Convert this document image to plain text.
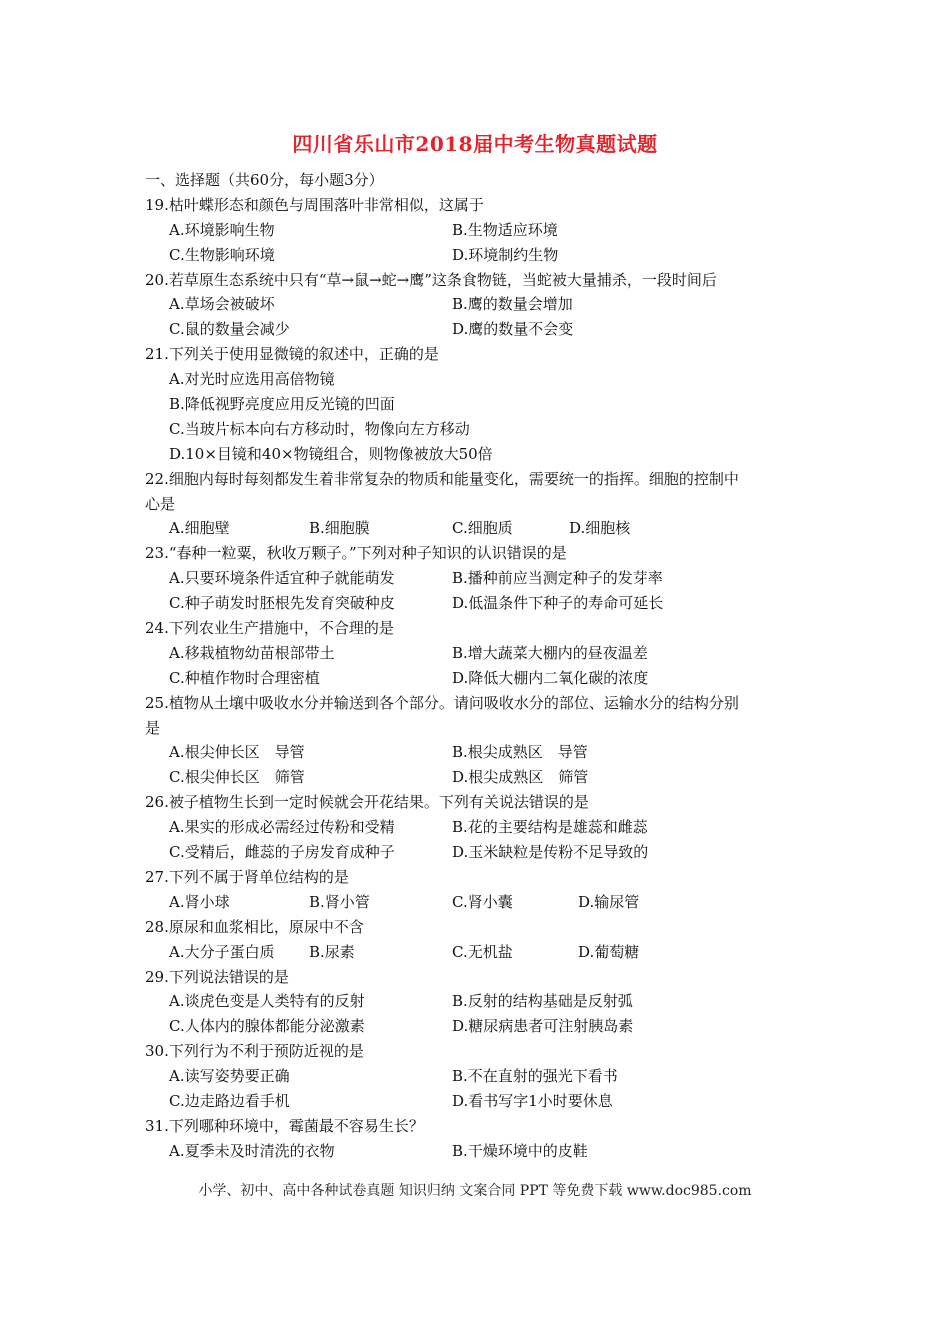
四川省乐山市2018届中考生物真题试题
一、选择题（共60分，每小题3分）
19.枯叶蝶形态和颜色与周围落叶非常相似，这属于
A.环境影响生物	B.生物适应环境
C.生物影响环境	D.环境制约生物
20.若草原生态系统中只有“草→鼠→蛇→鹰”这条食物链，当蛇被大量捕杀，一段时间后
A.草场会被破坏	B.鹰的数量会增加
C.鼠的数量会减少	D.鹰的数量不会变
21.下列关于使用显微镜的叙述中，正确的是
A.对光时应选用高倍物镜
B.降低视野亮度应用反光镜的凹面
C.当玻片标本向右方移动时，物像向左方移动
D.10×目镜和40×物镜组合，则物像被放大50倍
22.细胞内每时每刻都发生着非常复杂的物质和能量变化，需要统一的指挥。细胞的控制中
心是
A.细胞壁	B.细胞膜	C.细胞质	D.细胞核
23.“春种一粒粟，秋收万颗子。”下列对种子知识的认识错误的是
A.只要环境条件适宜种子就能萌发	B.播种前应当测定种子的发芽率
C.种子萌发时胚根先发育突破种皮	D.低温条件下种子的寿命可延长
24.下列农业生产措施中，不合理的是
A.移栽植物幼苗根部带土	B.增大蔬菜大棚内的昼夜温差
C.种植作物时合理密植	D.降低大棚内二氧化碳的浓度
25.植物从土壤中吸收水分并输送到各个部分。请问吸收水分的部位、运输水分的结构分别
是
A.根尖伸长区　导管	B.根尖成熟区　导管
C.根尖伸长区　筛管	D.根尖成熟区　筛管
26.被子植物生长到一定时候就会开花结果。下列有关说法错误的是
A.果实的形成必需经过传粉和受精	B.花的主要结构是雄蕊和雌蕊
C.受精后，雌蕊的子房发育成种子	D.玉米缺粒是传粉不足导致的
27.下列不属于肾单位结构的是
A.肾小球	B.肾小管	C.肾小囊	D.输尿管
28.原尿和血浆相比，原尿中不含
A.大分子蛋白质 B.尿素	C.无机盐	D.葡萄糖
29.下列说法错误的是
A.谈虎色变是人类特有的反射	B.反射的结构基础是反射弧
C.人体内的腺体都能分泌激素	D.糖尿病患者可注射胰岛素
30.下列行为不利于预防近视的是
A.读写姿势要正确	B.不在直射的强光下看书
C.边走路边看手机	D.看书写字1小时要休息
31.下列哪种环境中，霉菌最不容易生长？
A.夏季未及时清洗的衣物	B.干燥环境中的皮鞋
小学、初中、高中各种试卷真题 知识归纳 文案合同 PPT 等免费下载 www.doc985.com
